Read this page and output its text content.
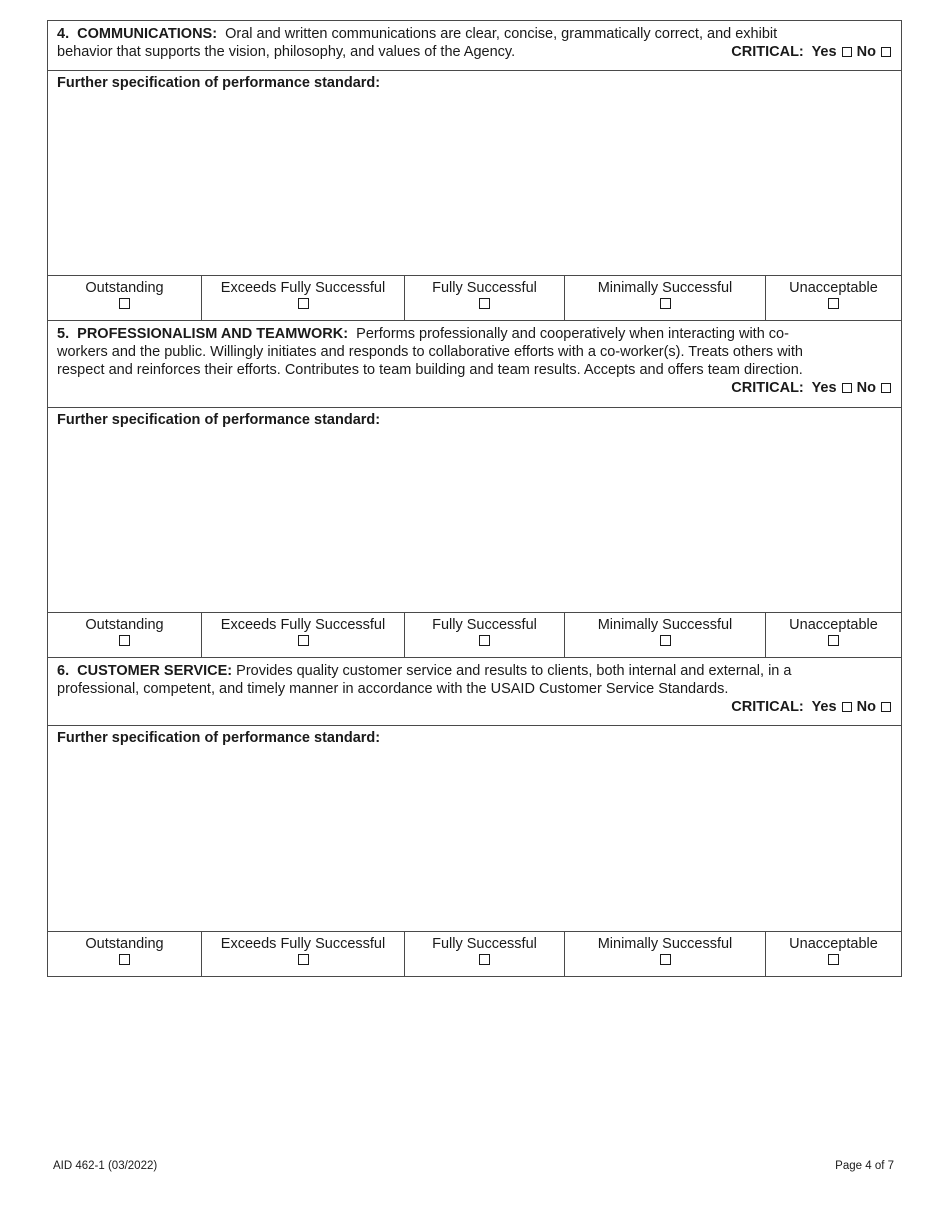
4. COMMUNICATIONS: Oral and written communications are clear, concise, grammatically correct, and exhibit
behavior that supports the vision, philosophy, and values of the Agency.	CRITICAL: Yes No
Further specification of performance standard:
Outstanding	Exceeds Fully Successful	Fully Successful	Minimally Successful	Unacceptable
5. PROFESSIONALISM AND TEAMWORK: Performs professionally and cooperatively when interacting with co-
workers and the public. Willingly initiates and responds to collaborative efforts with a co-worker(s). Treats others with
respect and reinforces their efforts. Contributes to team building and team results. Accepts and offers team direction.
CRITICAL: Yes No
Further specification of performance standard:
Outstanding	Exceeds Fully Successful	Fully Successful	Minimally Successful	Unacceptable
6. CUSTOMER SERVICE: Provides quality customer service and results to clients, both internal and external, in a
professional, competent, and timely manner in accordance with the USAID Customer Service Standards.
CRITICAL: Yes No
Further specification of performance standard:
Outstanding	Exceeds Fully Successful	Fully Successful	Minimally Successful	Unacceptable
AID 462-1 (03/2022)	Page 4 of 7
